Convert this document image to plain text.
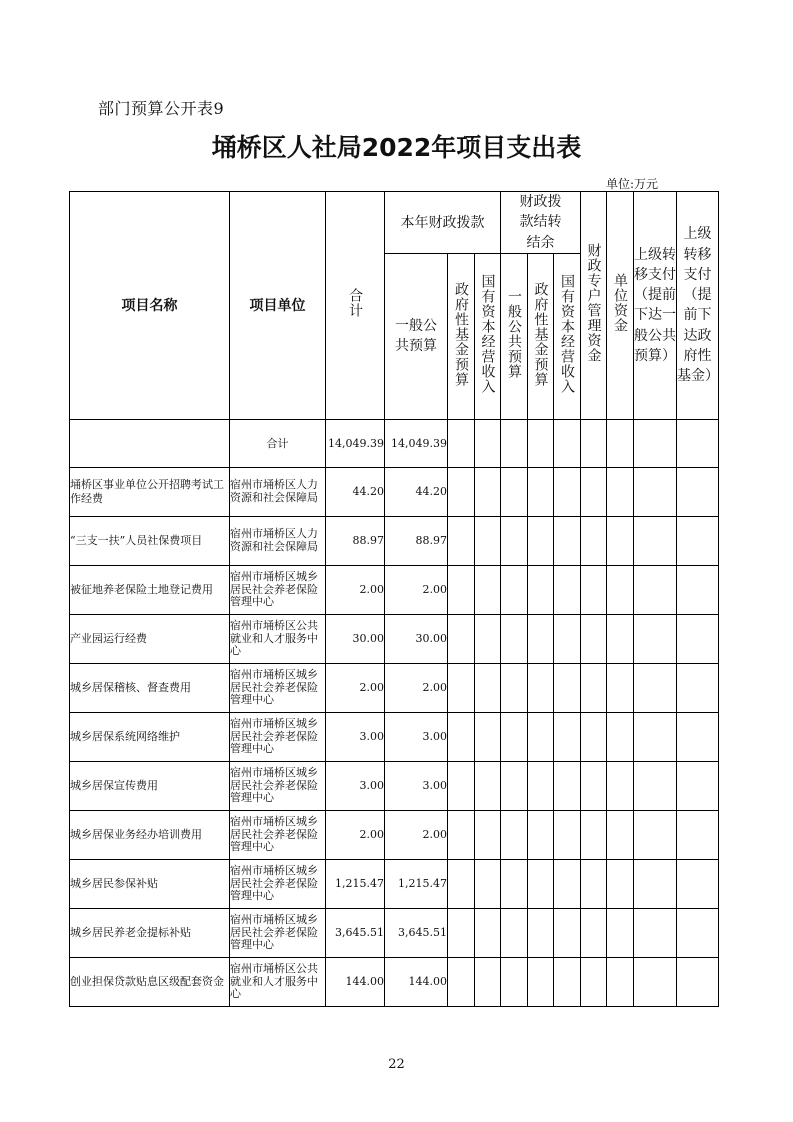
部门预算公开表9
埇桥区人社局2022年项目支出表
单位:万元
项目名称	项目单位	合计	本年财政拨款			财政拨款结转结余			财政专户管理资金	单位资金	上级转移支付（提前下达一般公共预算）	上级转移支付（提前下达政府性基金）

			一般公共预算	政府性基金预算	国有资本经营收入	一般公共预算	政府性基金预算	国有资本经营收入				
	合计	14,049.39	14,049.39									
埇桥区事业单位公开招聘考试工作经费	宿州市埇桥区人力资源和社会保障局	44.20	44.20									
“三支一扶”人员社保费项目	宿州市埇桥区人力资源和社会保障局	88.97	88.97									
被征地养老保险土地登记费用	宿州市埇桥区城乡居民社会养老保险管理中心	2.00	2.00									
产业园运行经费	宿州市埇桥区公共就业和人才服务中心	30.00	30.00									
城乡居保稽核、督查费用	宿州市埇桥区城乡居民社会养老保险管理中心	2.00	2.00									
城乡居保系统网络维护	宿州市埇桥区城乡居民社会养老保险管理中心	3.00	3.00									
城乡居保宣传费用	宿州市埇桥区城乡居民社会养老保险管理中心	3.00	3.00									
城乡居保业务经办培训费用	宿州市埇桥区城乡居民社会养老保险管理中心	2.00	2.00									
城乡居民参保补贴	宿州市埇桥区城乡居民社会养老保险管理中心	1,215.47	1,215.47									
城乡居民养老金提标补贴	宿州市埇桥区城乡居民社会养老保险管理中心	3,645.51	3,645.51									
创业担保贷款贴息区级配套资金	宿州市埇桥区公共就业和人才服务中心	144.00	144.00									
22
